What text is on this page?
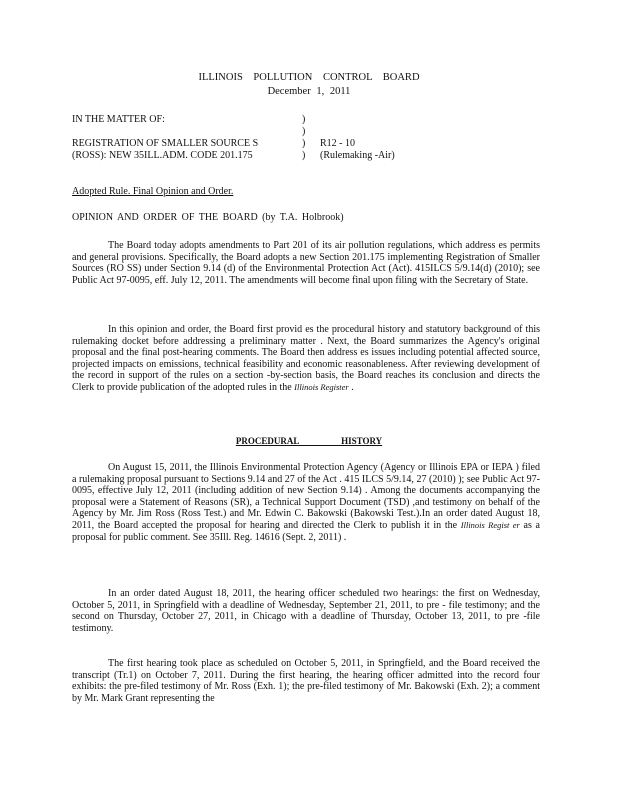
ILLINOIS POLLUTION CONTROL BOARD
December 1, 2011
IN THE MATTER OF:	)
)
REGISTRATION OF SMALLER SOURCE S	) R12 - 10
(ROSS): NEW 35ILL.ADM. CODE 201.175	) (Rulemaking -Air)
Adopted Rule. Final Opinion and Order.
OPINION AND ORDER OF THE BOARD (by T.A. Holbrook)

The Board today adopts amendments to Part 201 of its air pollution regulations, which address es permits and general provisions. Specifically, the Board adopts a new Section 201.175 implementing Registration of Smaller Sources (RO SS) under Section 9.14 (d) of the Environmental Protection Act (Act). 415ILCS 5/9.14(d) (2010); see Public Act 97-0095, eff. July 12, 2011. The amendments will become final upon filing with the Secretary of State.

In this opinion and order, the Board first provid es the procedural history and statutory background of this rulemaking docket before addressing a preliminary matter . Next, the Board summarizes the Agency's original proposal and the final post-hearing comments. The Board then address es issues including potential affected source, projected impacts on emissions, technical feasibility and economic reasonableness. After reviewing development of the record in support of the rules on a section -by-section basis, the Board reaches its conclusion and directs the Clerk to provide publication of the adopted rules in the Illinois Register .

PROCEDURAL HISTORY

On August 15, 2011, the Illinois Environmental Protection Agency (Agency or Illinois EPA or IEPA ) filed a rulemaking proposal pursuant to Sections 9.14 and 27 of the Act . 415 ILCS 5/9.14, 27 (2010) ); see Public Act 97-0095, effective July 12, 2011 (including addition of new Section 9.14) . Among the documents accompanying the proposal were a Statement of Reasons (SR), a Technical Support Document (TSD) ,and testimony on behalf of the Agency by Mr. Jim Ross (Ross Test.) and Mr. Edwin C. Bakowski (Bakowski Test.).In an order dated August 18, 2011, the Board accepted the proposal for hearing and directed the Clerk to publish it in the Illinois Regist er as a proposal for public comment. See 35Ill. Reg. 14616 (Sept. 2, 2011) .

In an order dated August 18, 2011, the hearing officer scheduled two hearings: the first on Wednesday, October 5, 2011, in Springfield with a deadline of Wednesday, September 21, 2011, to pre - file testimony; and the second on Thursday, October 27, 2011, in Chicago with a deadline of Thursday, October 13, 2011, to pre -file testimony.

The first hearing took place as scheduled on October 5, 2011, in Springfield, and the Board received the transcript (Tr.1) on October 7, 2011. During the first hearing, the hearing officer admitted into the record four exhibits: the pre-filed testimony of Mr. Ross (Exh. 1); the pre-filed testimony of Mr. Bakowski (Exh. 2); a comment by Mr. Mark Grant representing the
